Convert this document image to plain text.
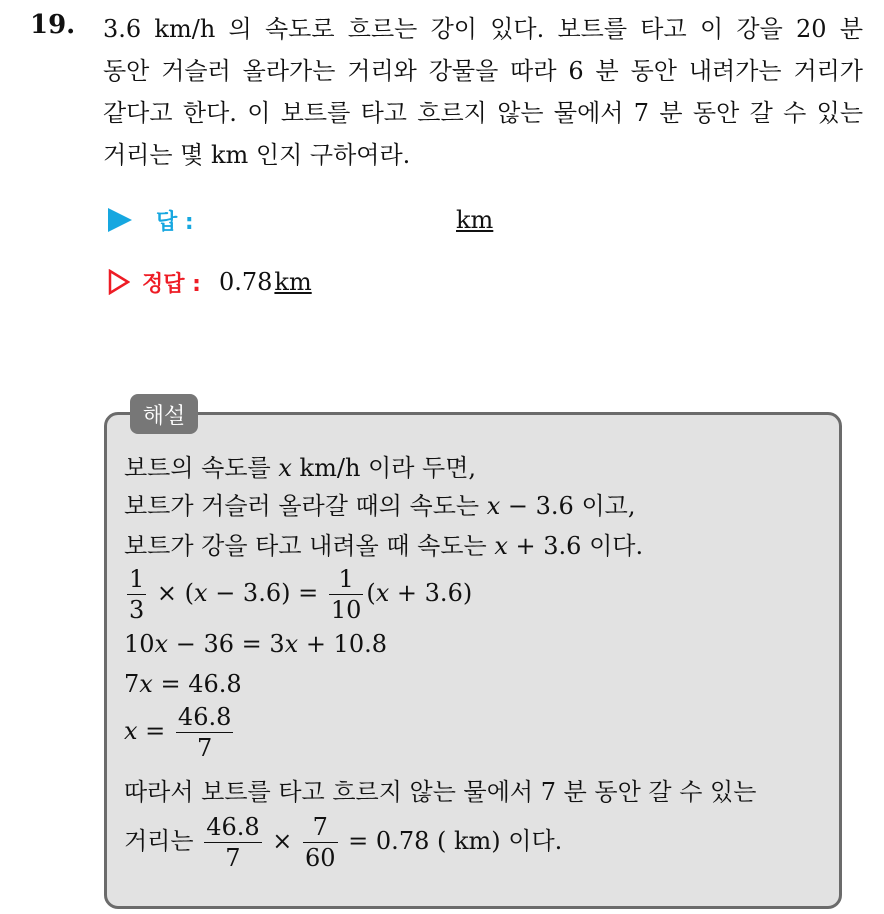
19. 3.6 km/h 의 속도로 흐르는 강이 있다. 보트를 타고 이 강을 20 분
동안 거슬러 올라가는 거리와 강물을 따라 6 분 동안 내려가는 거리가
같다고 한다. 이 보트를 타고 흐르지 않는 물에서 7 분 동안 갈 수 있는
거리는 몇 km 인지 구하여라.
답 :	km
정답 : 0.78 km
해설
보트의 속도를 x km/h 이라 두면,
보트가 거슬러 올라갈 때의 속도는 x − 3.6 이고,
보트가 강을 타고 내려올 때 속도는 x + 3.6 이다.
$\frac{1}{3} \times (x - 3.6) = \frac{1}{10} (x + 3.6)$
10x − 36 = 3x + 10.8
7x = 46.8
$x = \frac{46.8}{7}$
따라서 보트를 타고 흐르지 않는 물에서 7 분 동안 갈 수 있는
거리는 $\frac{46.8}{7} \times \frac{7}{60} = 0.78$ ( km) 이다.
